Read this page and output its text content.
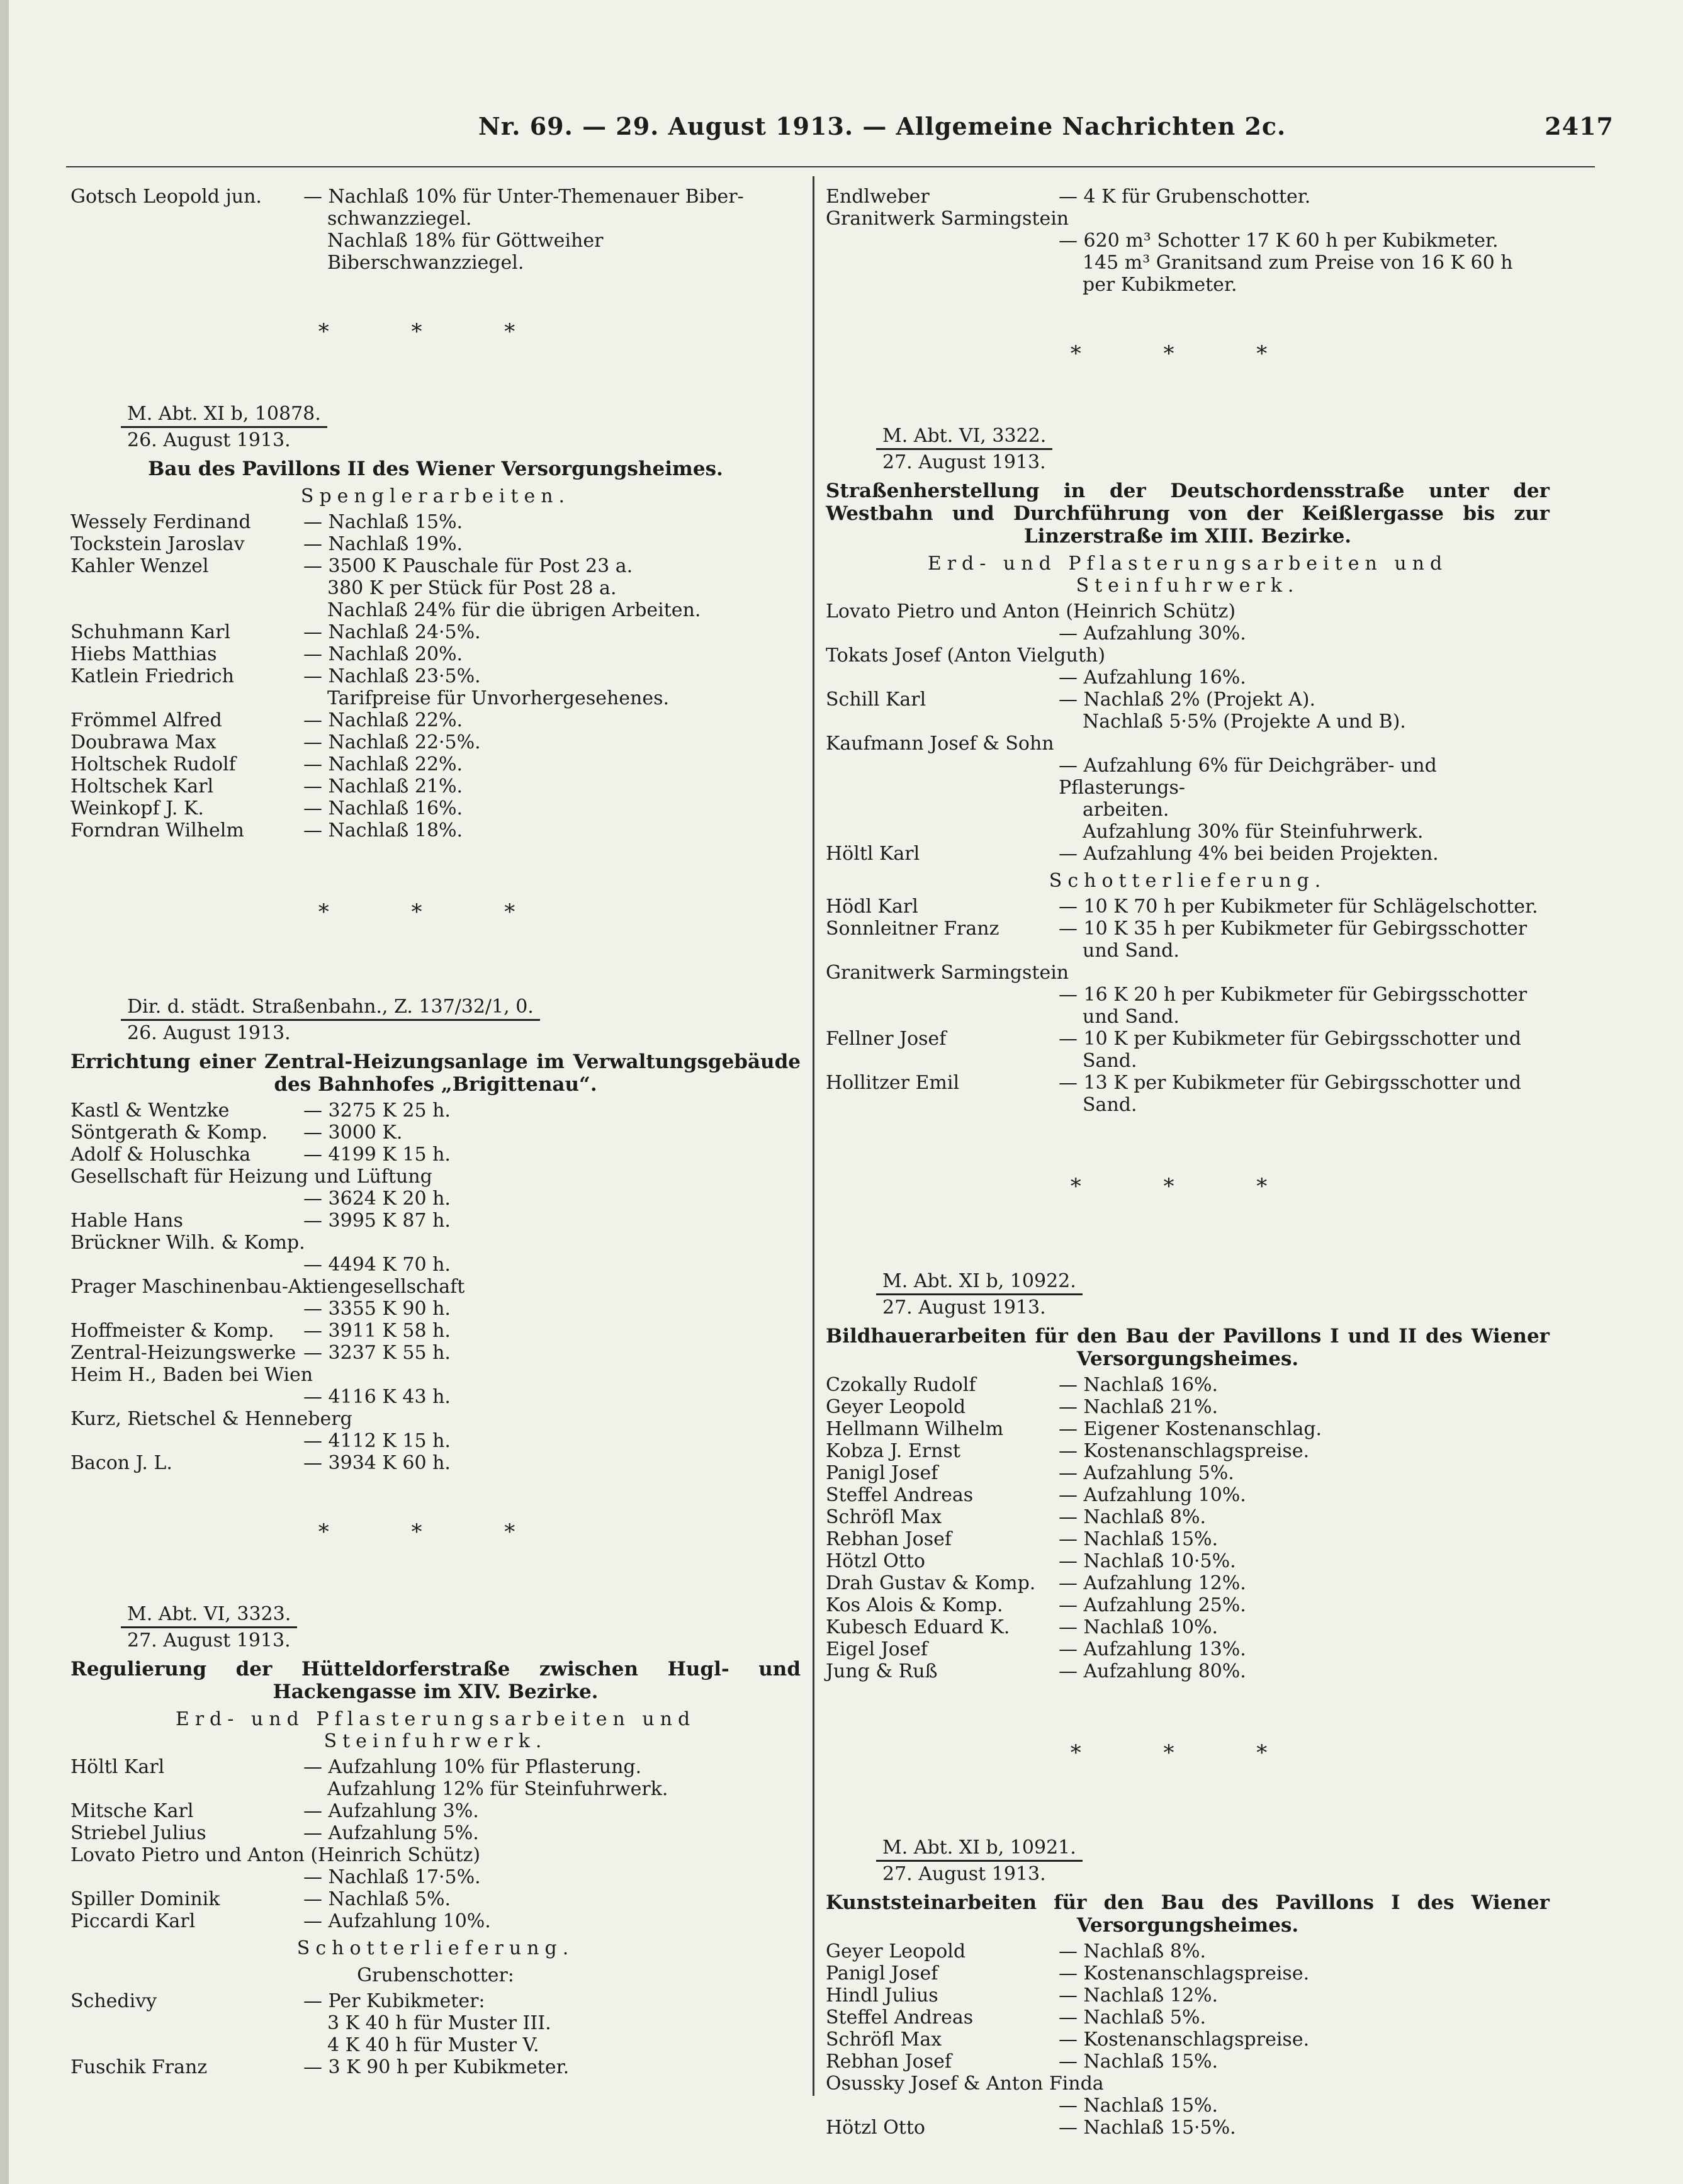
Nr. 69. — 29. August 1913. — Allgemeine Nachrichten 2c.	2417
Gotsch Leopold jun. — Nachlaß 10% für Unter-Themenauer Biber-
schwanzziegel.
Nachlaß 18% für Göttweiher Biberschwanzziegel.
* * *
M. Abt. XI b, 10878.
26. August 1913.
Bau des Pavillons II des Wiener Versorgungsheimes.
Spenglerarbeiten.
Wessely Ferdinand	— Nachlaß 15%.
Tockstein Jaroslav	— Nachlaß 19%.
Kahler Wenzel	— 3500 K Pauschale für Post 23 a.
380 K per Stück für Post 28 a.
Nachlaß 24% für die übrigen Arbeiten.
Schuhmann Karl	— Nachlaß 24·5%.
Hiebs Matthias	— Nachlaß 20%.
Katlein Friedrich	— Nachlaß 23·5%.
Tarifpreise für Unvorhergesehenes.
Frömmel Alfred	— Nachlaß 22%.
Doubrawa Max	— Nachlaß 22·5%.
Holtschek Rudolf	— Nachlaß 22%.
Holtschek Karl	— Nachlaß 21%.
Weinkopf J. K.	— Nachlaß 16%.
Forndran Wilhelm	— Nachlaß 18%.
* * *
Dir. d. städt. Straßenbahn., Z. 137/32/1, 0.
26. August 1913.
Errichtung einer Zentral-Heizungsanlage im Verwaltungsgebäude des Bahnhofes „Brigittenau“.
Kastl & Wentzke	— 3275 K 25 h.
Söntgerath & Komp. — 3000 K.
Adolf & Holuschka	— 4199 K 15 h.
Gesellschaft für Heizung und Lüftung
— 3624 K 20 h.
Hable Hans	— 3995 K 87 h.
Brückner Wilh. & Komp.
— 4494 K 70 h.
Prager Maschinenbau-Aktiengesellschaft
— 3355 K 90 h.
Hoffmeister & Komp. — 3911 K 58 h.
Zentral-Heizungswerke — 3237 K 55 h.
Heim H., Baden bei Wien
— 4116 K 43 h.
Kurz, Rietschel & Henneberg
— 4112 K 15 h.
Bacon J. L.	— 3934 K 60 h.
* * *
M. Abt. VI, 3323.
27. August 1913.
Regulierung der Hütteldorferstraße zwischen Hugl- und Hackengasse im XIV. Bezirke.
Erd- und Pflasterungsarbeiten und Steinfuhrwerk.
Höltl Karl	— Aufzahlung 10% für Pflasterung.
Aufzahlung 12% für Steinfuhrwerk.
Mitsche Karl	— Aufzahlung 3%.
Striebel Julius	— Aufzahlung 5%.
Lovato Pietro und Anton (Heinrich Schütz)
— Nachlaß 17·5%.
Spiller Dominik	— Nachlaß 5%.
Piccardi Karl	— Aufzahlung 10%.
Schotterlieferung.
Grubenschotter:
Schedivy	— Per Kubikmeter:
3 K 40 h für Muster III.
4 K 40 h für Muster V.
Fuschik Franz	— 3 K 90 h per Kubikmeter.
Endlweber	— 4 K für Grubenschotter.
Granitwerk Sarmingstein
— 620 m³ Schotter 17 K 60 h per Kubikmeter.
145 m³ Granitsand zum Preise von 16 K 60 h
per Kubikmeter.
* * *
M. Abt. VI, 3322.
27. August 1913.
Straßenherstellung in der Deutschordensstraße unter der Westbahn und Durchführung von der Keißlergasse bis zur Linzerstraße im XIII. Bezirke.
Erd- und Pflasterungsarbeiten und Steinfuhrwerk.
Lovato Pietro und Anton (Heinrich Schütz)
— Aufzahlung 30%.
Tokats Josef (Anton Vielguth)
— Aufzahlung 16%.
Schill Karl	— Nachlaß 2% (Projekt A).
Nachlaß 5·5% (Projekte A und B).
Kaufmann Josef & Sohn
— Aufzahlung 6% für Deichgräber- und Pflasterungs-
arbeiten.
Aufzahlung 30% für Steinfuhrwerk.
Höltl Karl	— Aufzahlung 4% bei beiden Projekten.
Schotterlieferung.
Hödl Karl	— 10 K 70 h per Kubikmeter für Schlägelschotter.
Sonnleitner Franz	— 10 K 35 h per Kubikmeter für Gebirgsschotter
und Sand.
Granitwerk Sarmingstein
— 16 K 20 h per Kubikmeter für Gebirgsschotter
und Sand.
Fellner Josef	— 10 K per Kubikmeter für Gebirgsschotter und
Sand.
Hollitzer Emil	— 13 K per Kubikmeter für Gebirgsschotter und
Sand.
* * *
M. Abt. XI b, 10922.
27. August 1913.
Bildhauerarbeiten für den Bau der Pavillons I und II des Wiener Versorgungsheimes.
Czokally Rudolf	— Nachlaß 16%.
Geyer Leopold	— Nachlaß 21%.
Hellmann Wilhelm	— Eigener Kostenanschlag.
Kobza J. Ernst	— Kostenanschlagspreise.
Panigl Josef	— Aufzahlung 5%.
Steffel Andreas	— Aufzahlung 10%.
Schröfl Max	— Nachlaß 8%.
Rebhan Josef	— Nachlaß 15%.
Hötzl Otto	— Nachlaß 10·5%.
Drah Gustav & Komp. — Aufzahlung 12%.
Kos Alois & Komp.	— Aufzahlung 25%.
Kubesch Eduard K.	— Nachlaß 10%.
Eigel Josef	— Aufzahlung 13%.
Jung & Ruß	— Aufzahlung 80%.
* * *
M. Abt. XI b, 10921.
27. August 1913.
Kunststeinarbeiten für den Bau des Pavillons I des Wiener Versorgungsheimes.
Geyer Leopold	— Nachlaß 8%.
Panigl Josef	— Kostenanschlagspreise.
Hindl Julius	— Nachlaß 12%.
Steffel Andreas	— Nachlaß 5%.
Schröfl Max	— Kostenanschlagspreise.
Rebhan Josef	— Nachlaß 15%.
Osussky Josef & Anton Finda
— Nachlaß 15%.
Hötzl Otto	— Nachlaß 15·5%.
